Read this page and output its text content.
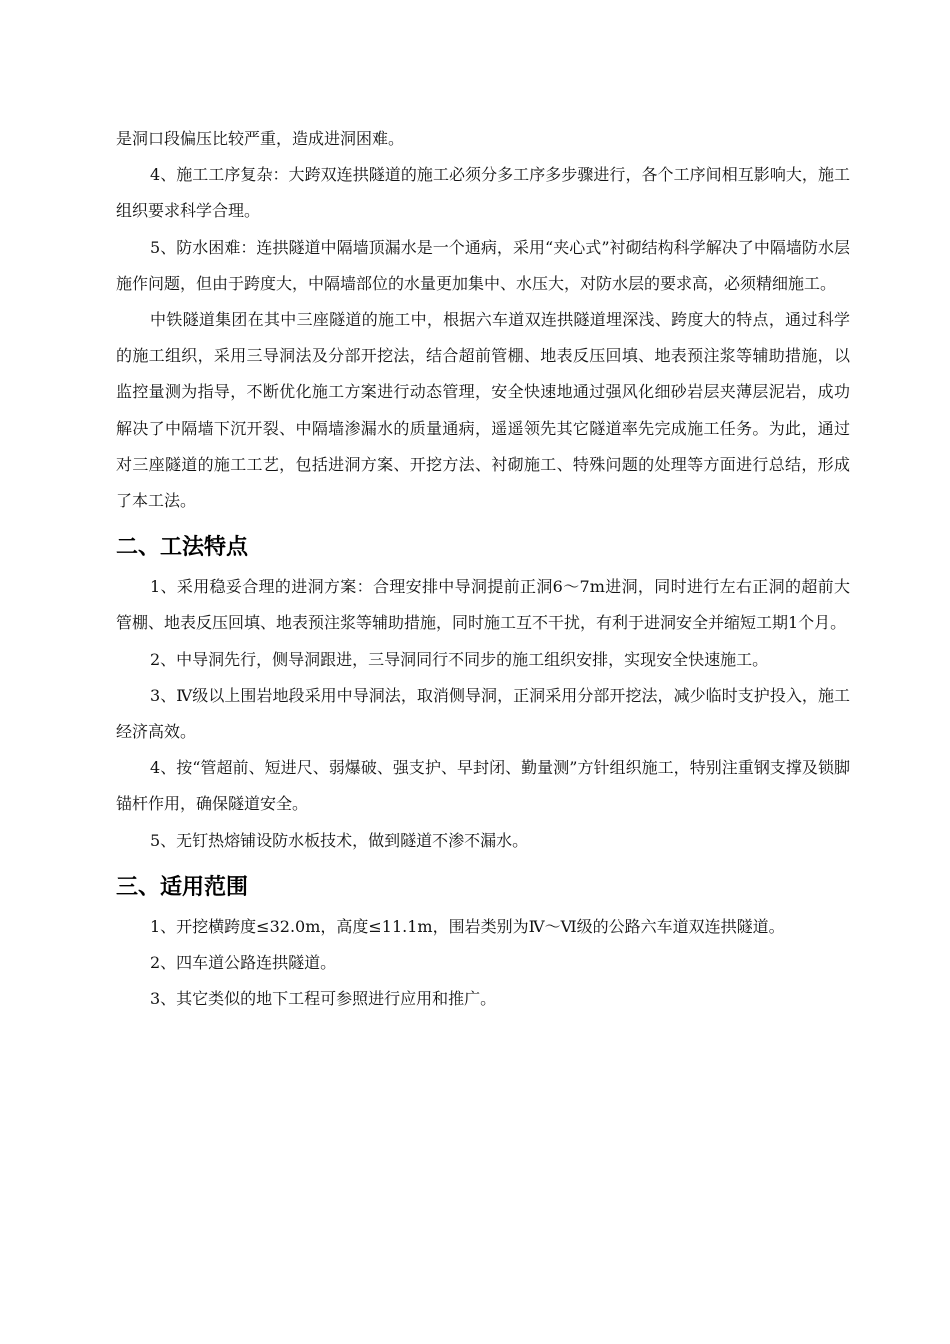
是洞口段偏压比较严重，造成进洞困难。

4、施工工序复杂：大跨双连拱隧道的施工必须分多工序多步骤进行，各个工序间相互影响大，施工组织要求科学合理。

5、防水困难：连拱隧道中隔墙顶漏水是一个通病，采用“夹心式”衬砌结构科学解决了中隔墙防水层施作问题，但由于跨度大，中隔墙部位的水量更加集中、水压大，对防水层的要求高，必须精细施工。

中铁隧道集团在其中三座隧道的施工中，根据六车道双连拱隧道埋深浅、跨度大的特点，通过科学的施工组织，采用三导洞法及分部开挖法，结合超前管棚、地表反压回填、地表预注浆等辅助措施，以监控量测为指导，不断优化施工方案进行动态管理，安全快速地通过强风化细砂岩层夹薄层泥岩，成功解决了中隔墙下沉开裂、中隔墙渗漏水的质量通病，遥遥领先其它隧道率先完成施工任务。为此，通过对三座隧道的施工工艺，包括进洞方案、开挖方法、衬砌施工、特殊问题的处理等方面进行总结，形成了本工法。

二、工法特点

1、采用稳妥合理的进洞方案：合理安排中导洞提前正洞6～7m进洞，同时进行左右正洞的超前大管棚、地表反压回填、地表预注浆等辅助措施，同时施工互不干扰，有利于进洞安全并缩短工期1个月。

2、中导洞先行，侧导洞跟进，三导洞同行不同步的施工组织安排，实现安全快速施工。

3、Ⅳ级以上围岩地段采用中导洞法，取消侧导洞，正洞采用分部开挖法，减少临时支护投入，施工经济高效。

4、按“管超前、短进尺、弱爆破、强支护、早封闭、勤量测”方针组织施工，特别注重钢支撑及锁脚锚杆作用，确保隧道安全。

5、无钉热熔铺设防水板技术，做到隧道不渗不漏水。

三、适用范围

1、开挖横跨度≤32.0m，高度≤11.1m，围岩类别为Ⅳ～Ⅵ级的公路六车道双连拱隧道。

2、四车道公路连拱隧道。

3、其它类似的地下工程可参照进行应用和推广。
